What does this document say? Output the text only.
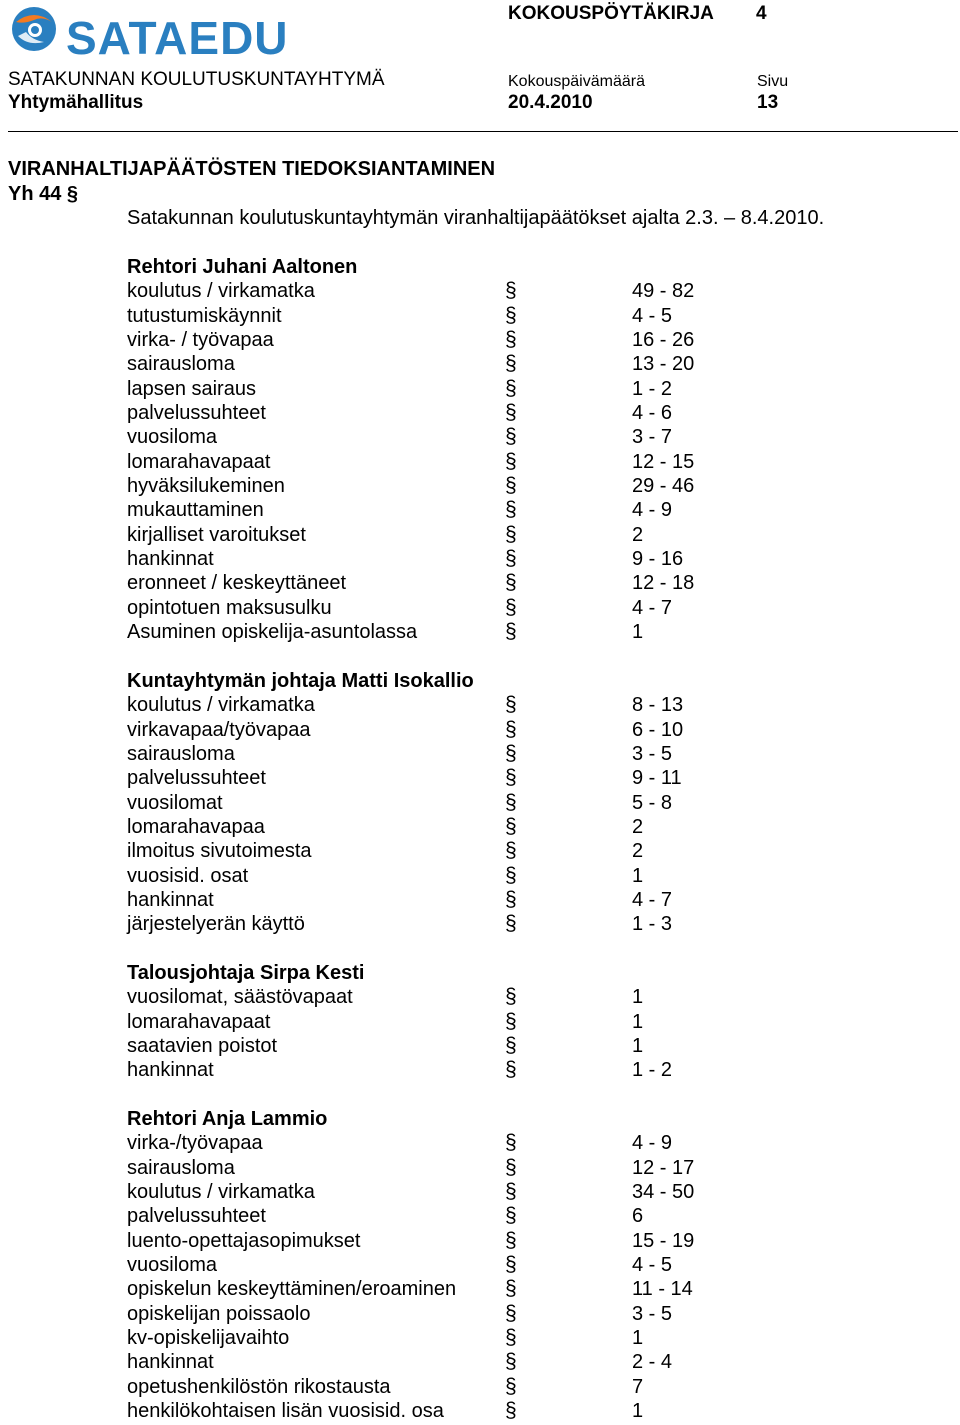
SATAEDU	KOKOUSPÖYTÄKIRJA 4
SATAKUNNAN KOULUTUSKUNTAYHTYMÄ	Kokouspäivämäärä	Sivu
Yhtymähallitus	20.4.2010	13
VIRANHALTIJAPÄÄTÖSTEN TIEDOKSIANTAMINEN
Yh 44 §
Satakunnan koulutuskuntayhtymän viranhaltijapäätökset ajalta 2.3. – 8.4.2010.
Rehtori Juhani Aaltonen
koulutus / virkamatka	§	49 - 82
tutustumiskäynnit	§	4 - 5
virka- / työvapaa	§	16 - 26
sairausloma	§	13 - 20
lapsen sairaus	§	1 - 2
palvelussuhteet	§	4 - 6
vuosiloma	§	3 - 7
lomarahavapaat	§	12 - 15
hyväksilukeminen	§	29 - 46
mukauttaminen	§	4 - 9
kirjalliset varoitukset	§	2
hankinnat	§	9 - 16
eronneet / keskeyttäneet	§	12 - 18
opintotuen maksusulku	§	4 - 7
Asuminen opiskelija-asuntolassa	§	1
Kuntayhtymän johtaja Matti Isokallio
koulutus / virkamatka	§	8 - 13
virkavapaa/työvapaa	§	6 - 10
sairausloma	§	3 - 5
palvelussuhteet	§	9 - 11
vuosilomat	§	5 - 8
lomarahavapaa	§	2
ilmoitus sivutoimesta	§	2
vuosisid. osat	§	1
hankinnat	§	4 - 7
järjestelyerän käyttö	§	1 - 3
Talousjohtaja Sirpa Kesti
vuosilomat, säästövapaat	§	1
lomarahavapaat	§	1
saatavien poistot	§	1
hankinnat	§	1 - 2
Rehtori Anja Lammio
virka-/työvapaa	§	4 - 9
sairausloma	§	12 - 17
koulutus / virkamatka	§	34 - 50
palvelussuhteet	§	6
luento-opettajasopimukset	§	15 - 19
vuosiloma	§	4 - 5
opiskelun keskeyttäminen/eroaminen §	11 - 14
opiskelijan poissaolo	§	3 - 5
kv-opiskelijavaihto	§	1
hankinnat	§	2 - 4
opetushenkilöstön rikostausta	§	7
henkilökohtaisen lisän vuosisid. osa	§	1
